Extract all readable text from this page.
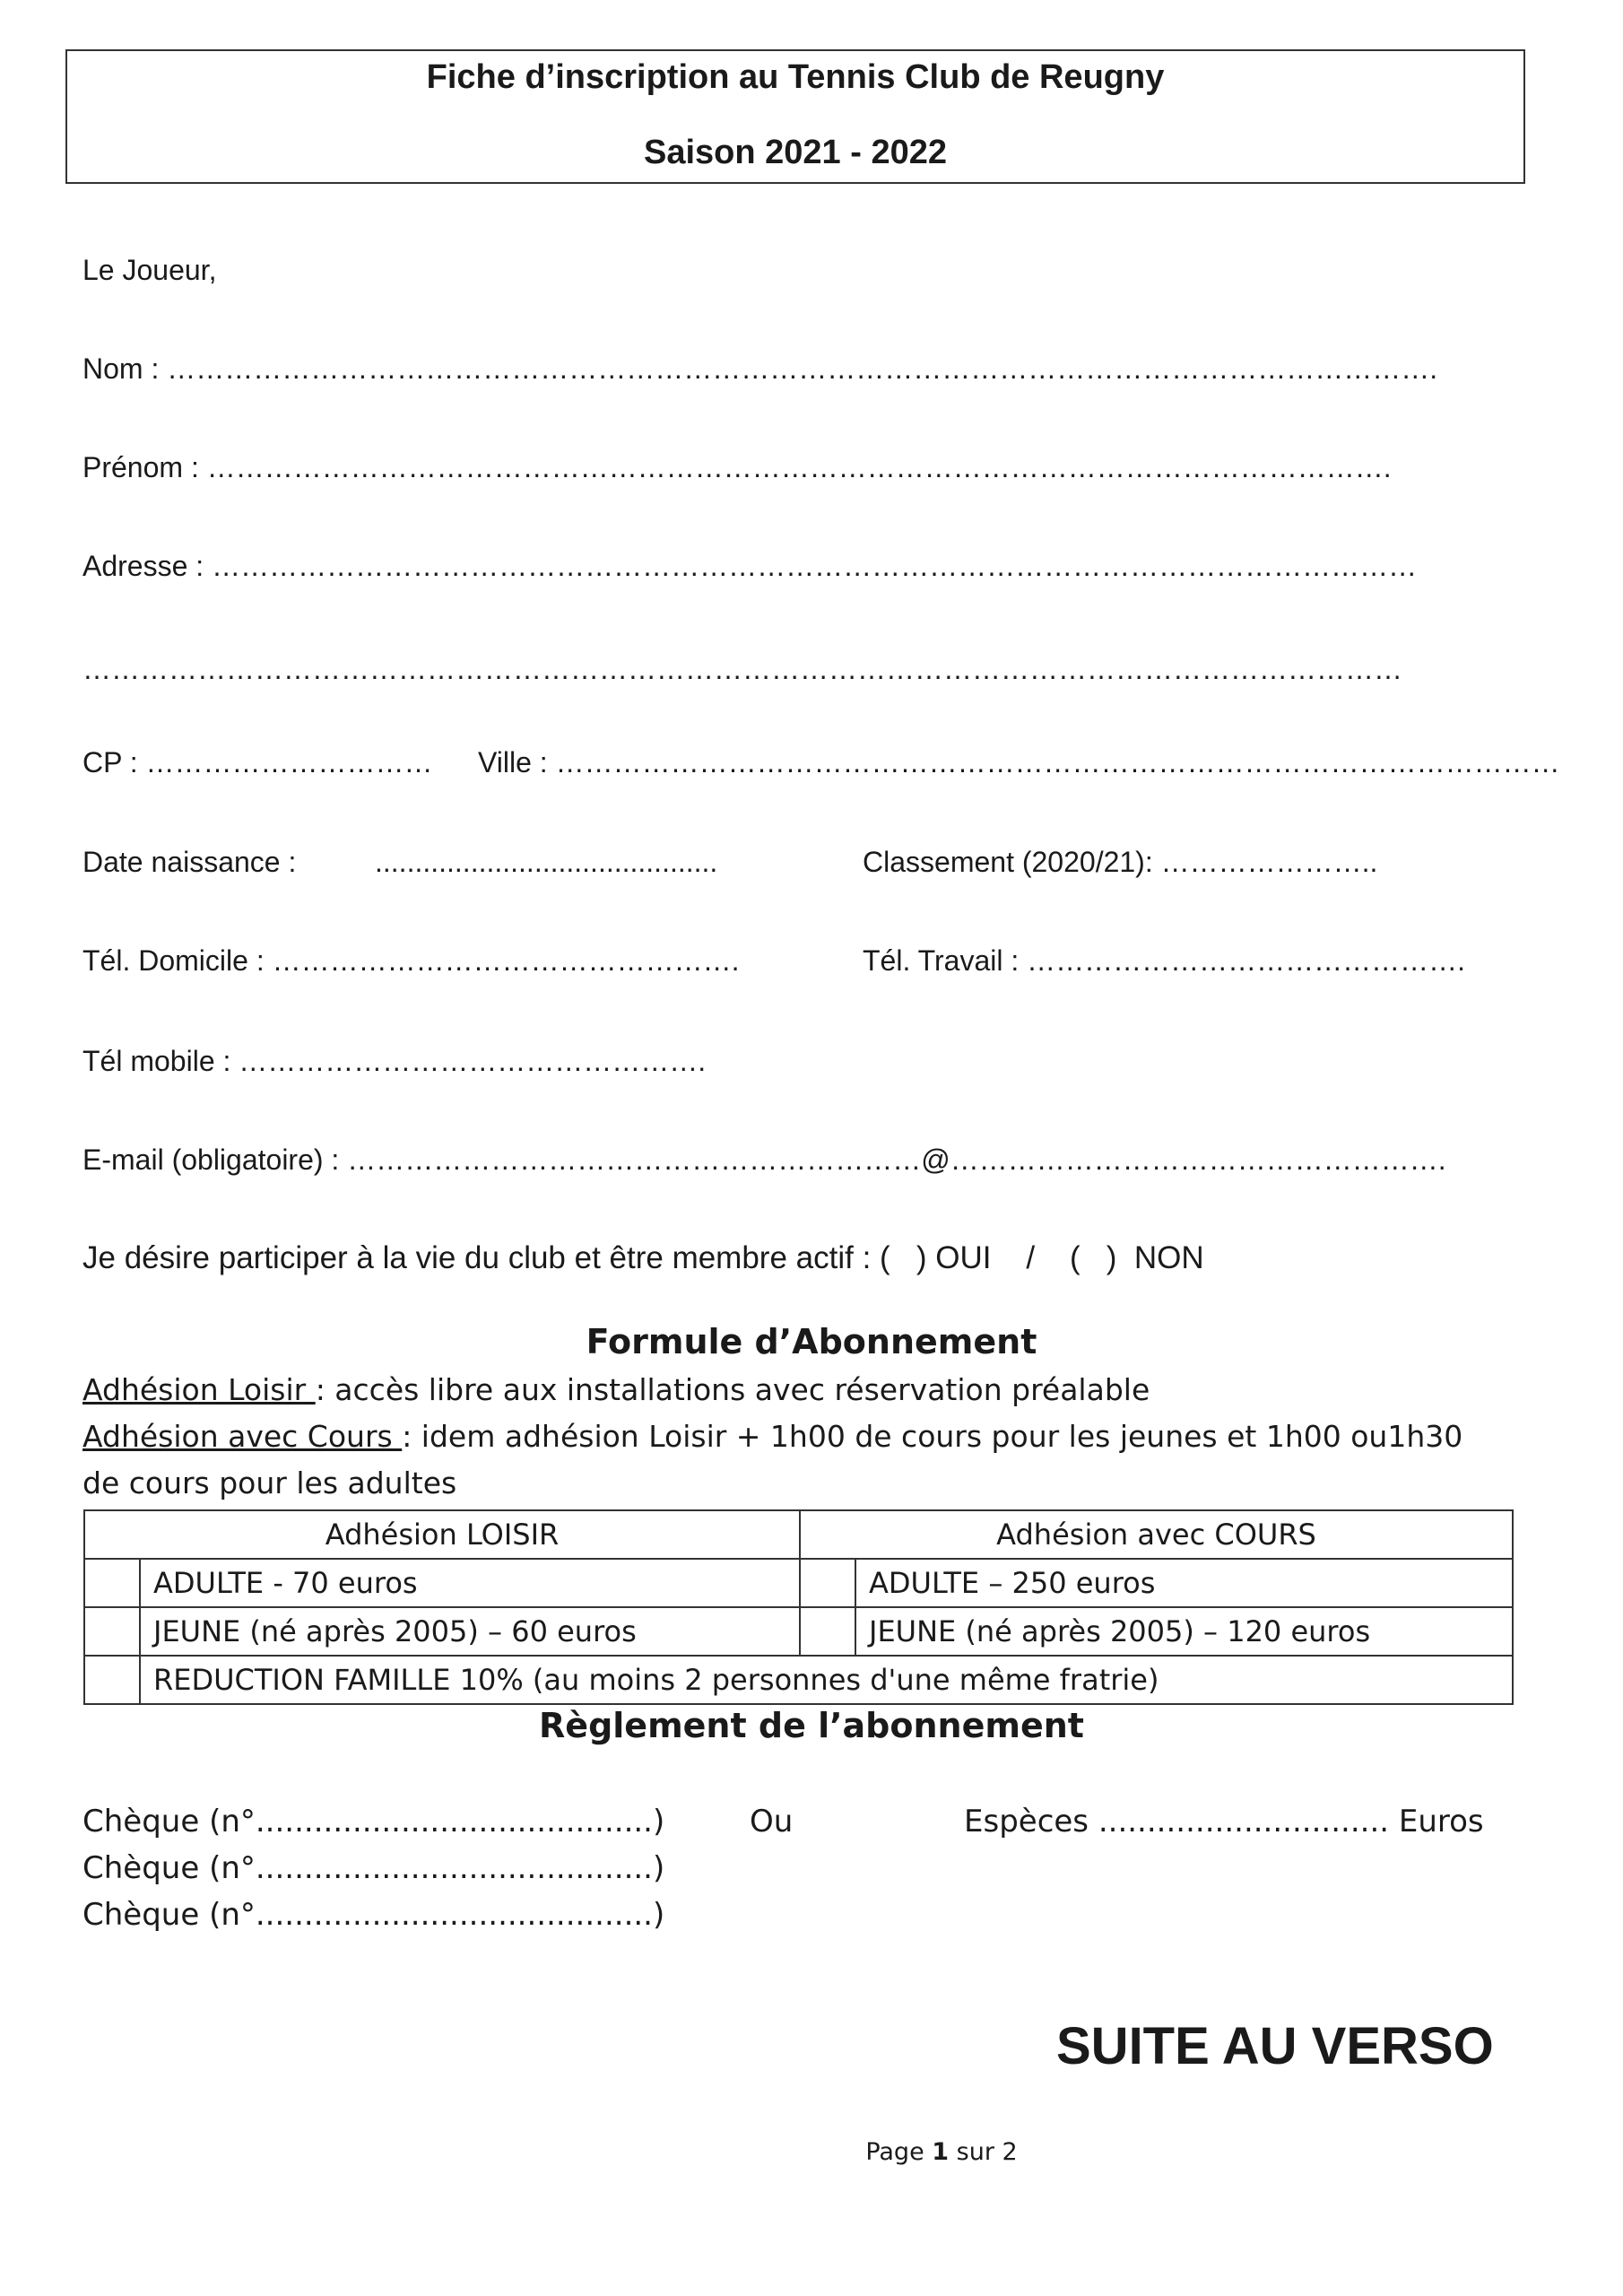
Fiche d’inscription au Tennis Club de Reugny
Saison 2021 - 2022
Le Joueur,
Nom : …………………………………………………………………………………………………………………….
Prénom : …………………………………………………………………………………………………………….
Adresse : ………………………………………………………………………………………………………………
…………………………………………………………………………………………………………………………
CP : ………………………… Ville : ……………………………………………………………………………………………
Date naissance :	...........................................	Classement (2020/21): …………………..
Tél. Domicile : ………………………………………….	Tél. Travail : ……………………………………….
Tél mobile : ………………………………………….
E-mail (obligatoire) : ……………………………………………………@…………………………………………….
Je désire participer à la vie du club et être membre actif : (   ) OUI    /    (   )  NON
Formule d’Abonnement
Adhésion Loisir : accès libre aux installations avec réservation préalable
Adhésion avec Cours : idem adhésion Loisir + 1h00 de cours pour les jeunes et 1h00 ou1h30
de cours pour les adultes
Adhésion LOISIR		Adhésion avec COURS	
	ADULTE - 70 euros		ADULTE – 250 euros
	JEUNE (né après 2005) – 60 euros		JEUNE (né après 2005) – 120 euros
	REDUCTION FAMILLE 10% (au moins 2 personnes d'une même fratrie)		
Règlement de l’abonnement
Chèque (n°.........................................)
Chèque (n°.........................................)
Chèque (n°.........................................)
Ou	Espèces .............................. Euros
SUITE AU VERSO
Page 1 sur 2
